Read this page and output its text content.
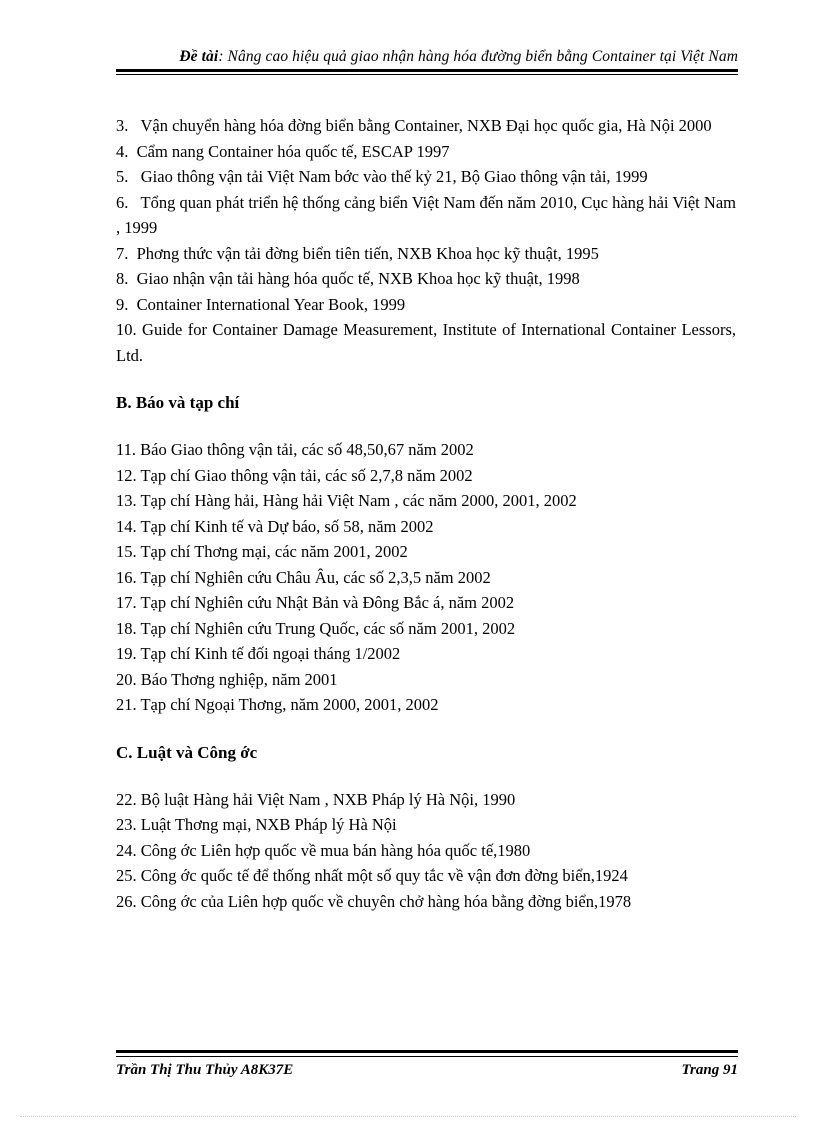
Đề tài: Nâng cao hiệu quả giao nhận hàng hóa đường biển bằng Container tại Việt Nam

3. Vận chuyển hàng hóa đờng biển bằng Container, NXB Đại học quốc gia, Hà Nội 2000

4. Cẩm nang Container hóa quốc tế, ESCAP 1997

5. Giao thông vận tải Việt Nam bớc vào thế kỷ 21, Bộ Giao thông vận tải, 1999

6. Tổng quan phát triển hệ thống cảng biển Việt Nam đến năm 2010, Cục hàng hải Việt Nam , 1999

7. Phơng thức vận tải đờng biển tiên tiến, NXB Khoa học kỹ thuật, 1995

8. Giao nhận vận tải hàng hóa quốc tế, NXB Khoa học kỹ thuật, 1998

9. Container International Year Book, 1999

10. Guide for Container Damage Measurement, Institute of International Container Lessors, Ltd.

B. Báo và tạp chí

11. Báo Giao thông vận tải, các số 48,50,67 năm 2002

12. Tạp chí Giao thông vận tải, các số 2,7,8 năm 2002

13. Tạp chí Hàng hải, Hàng hải Việt Nam , các năm 2000, 2001, 2002

14. Tạp chí Kinh tế và Dự báo, số 58, năm 2002

15. Tạp chí Thơng mại, các năm 2001, 2002

16. Tạp chí Nghiên cứu Châu Âu, các số 2,3,5 năm 2002

17. Tạp chí Nghiên cứu Nhật Bản và Đông Bắc á, năm 2002

18. Tạp chí Nghiên cứu Trung Quốc, các số năm 2001, 2002

19. Tạp chí Kinh tế đối ngoại tháng 1/2002

20. Báo Thơng nghiệp, năm 2001

21. Tạp chí Ngoại Thơng, năm 2000, 2001, 2002

C. Luật và Công ớc

22. Bộ luật Hàng hải Việt Nam , NXB Pháp lý Hà Nội, 1990

23. Luật Thơng mại, NXB Pháp lý Hà Nội

24. Công ớc Liên hợp quốc về mua bán hàng hóa quốc tế,1980

25. Công ớc quốc tế để thống nhất một số quy tắc về vận đơn đờng biển,1924

26. Công ớc của Liên hợp quốc về chuyên chở hàng hóa bằng đờng biển,1978

Trần Thị Thu Thủy A8K37E	Trang 91
